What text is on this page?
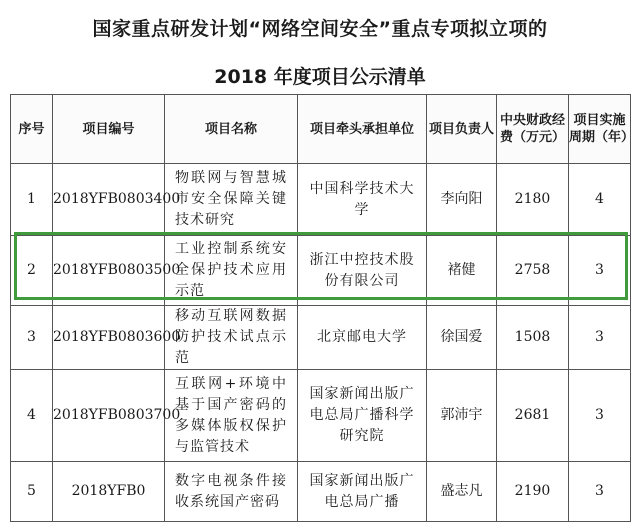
国家重点研发计划“网络空间安全”重点专项拟立项的
2018 年度项目公示清单
序号	项目编号	项目名称	项目牵头承担单位	项目负责人	中央财政经费（万元）	项目实施周期（年）
1	2018YFB0803400	物联网与智慧城市安全保障关键技术研究	中国科学技术大学	李向阳	2180	4
2	2018YFB0803500	工业控制系统安全保护技术应用示范	浙江中控技术股份有限公司	褚健	2758	3
3	2018YFB0803600	移动互联网数据防护技术试点示范	北京邮电大学	徐国爱	1508	3
4	2018YFB0803700	互联网+环境中基于国产密码的多媒体版权保护与监管技术	国家新闻出版广电总局广播科学研究院	郭沛宇	2681	3
5	2018YFB0	数字电视条件接收系统国产密码	国家新闻出版广电总局广播	盛志凡	2190	3
